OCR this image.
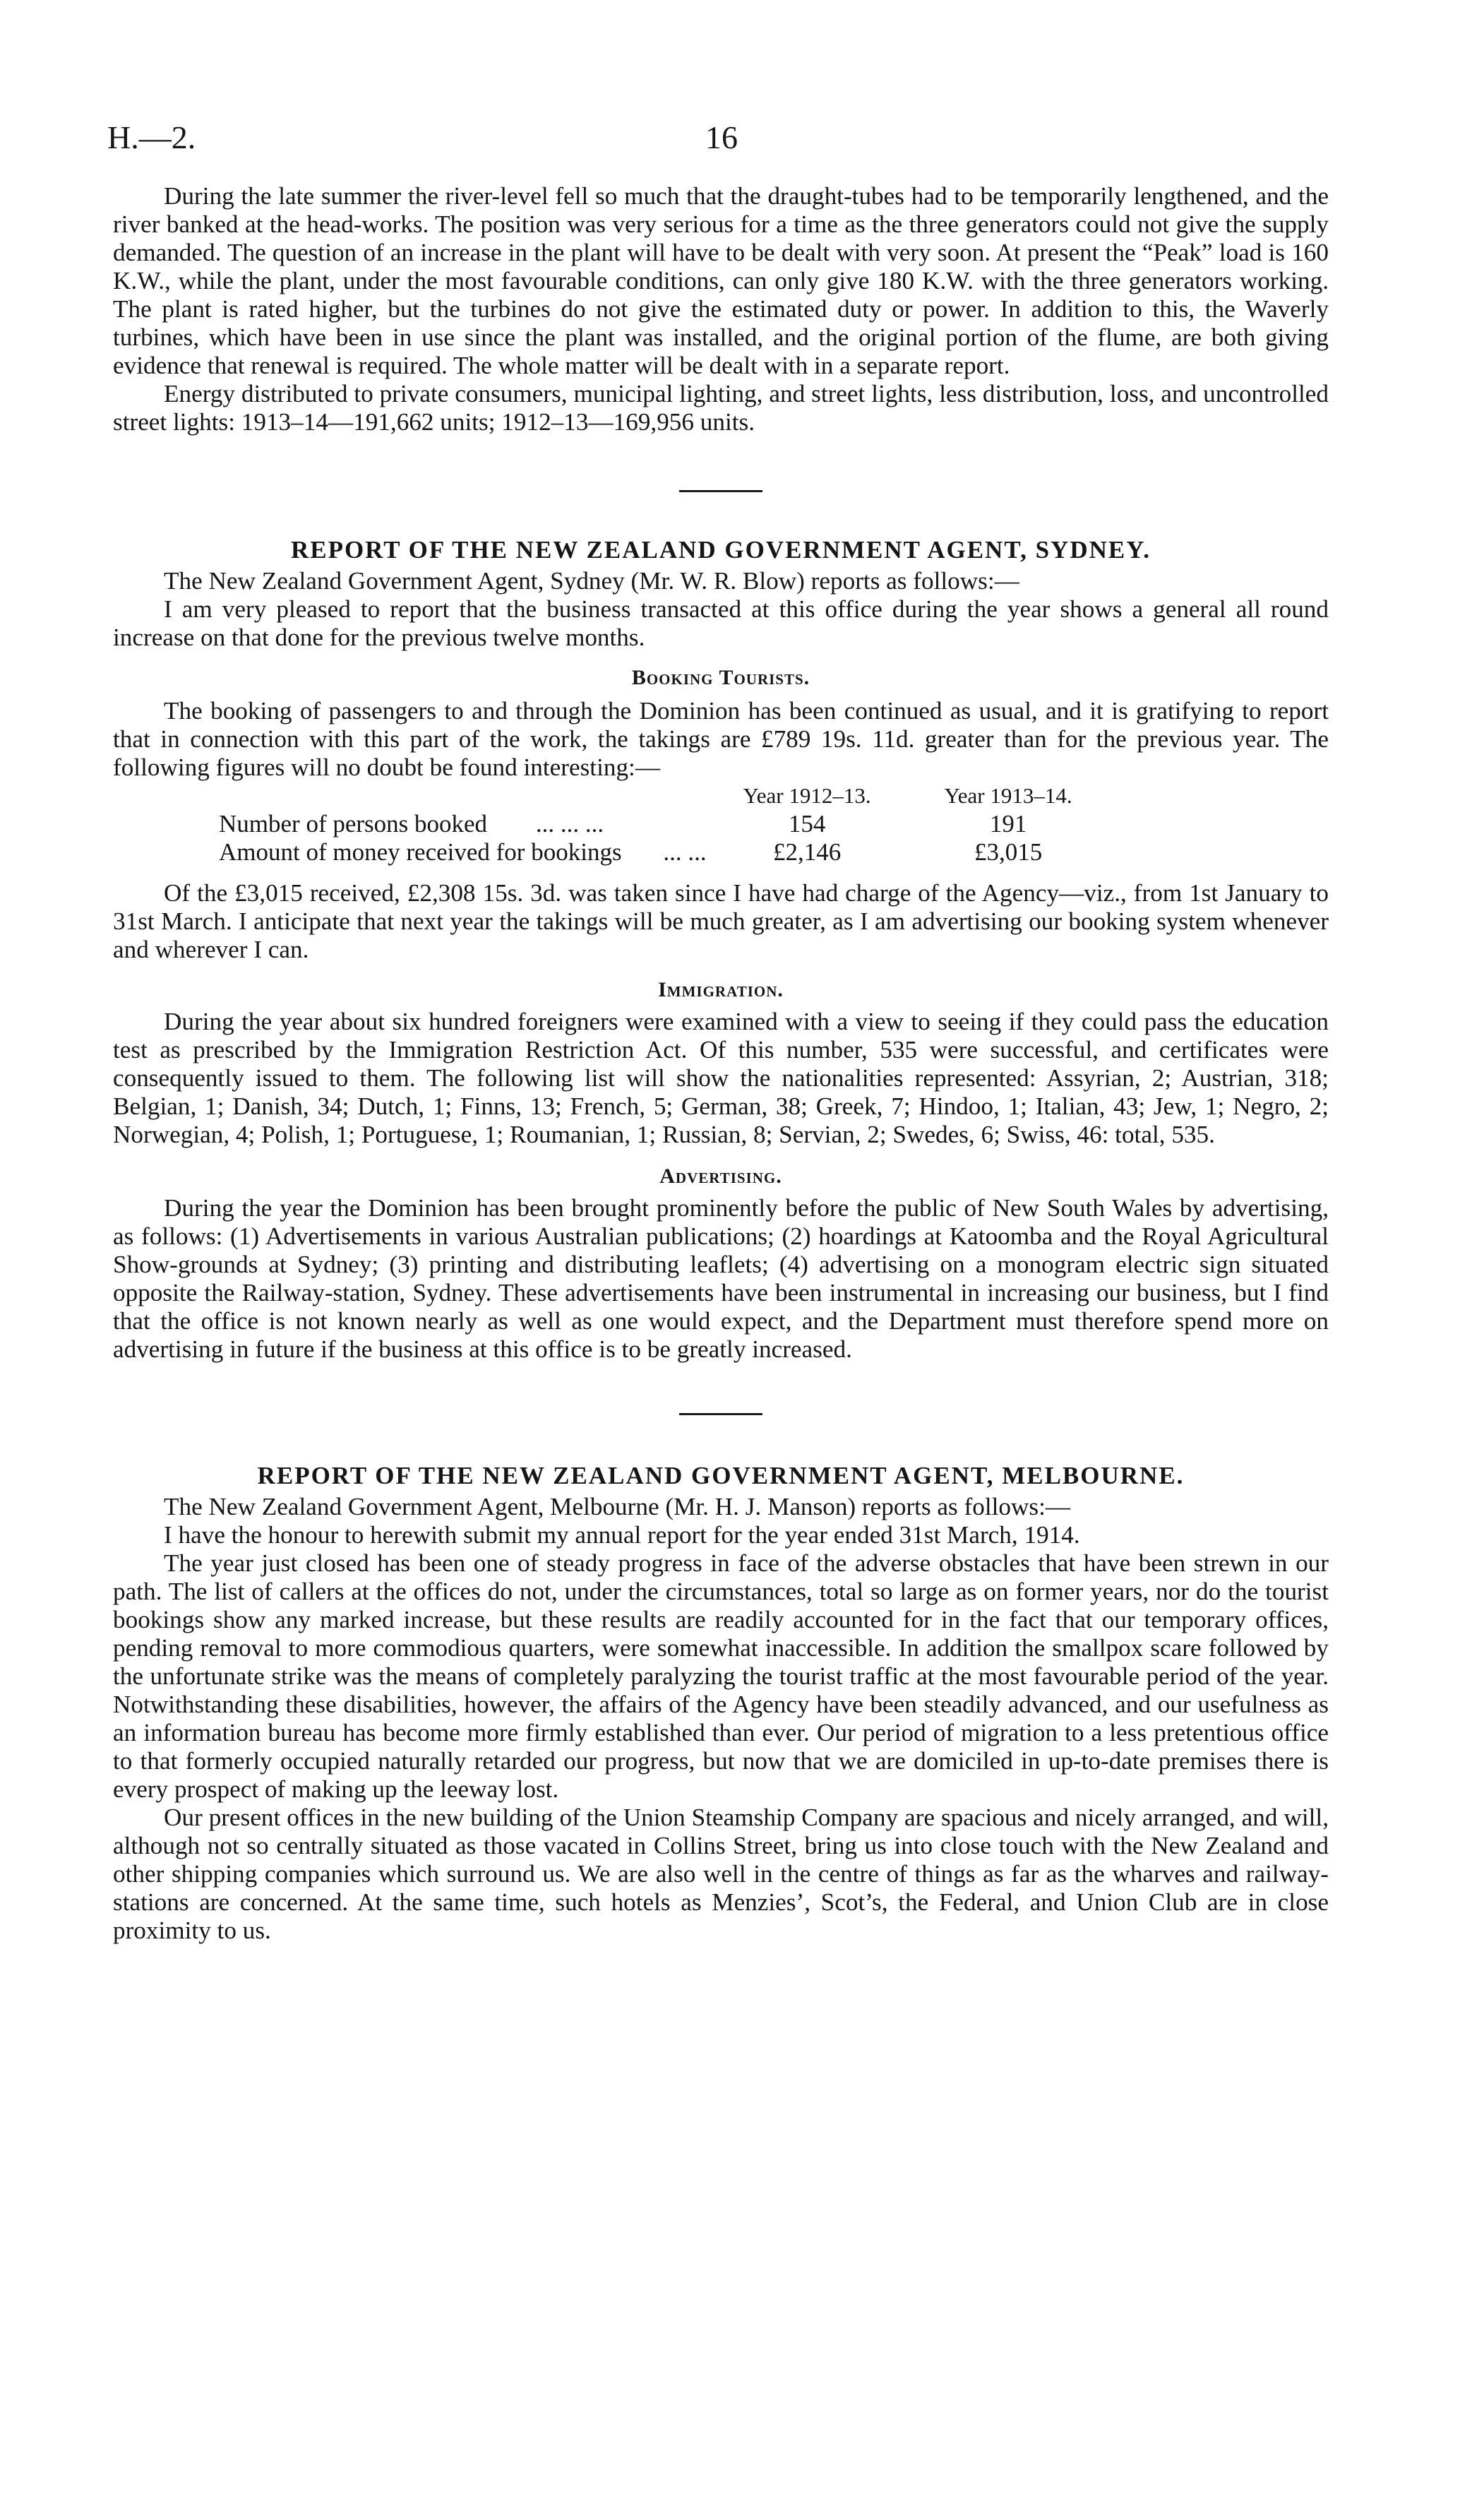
H.—2.	16

During the late summer the river-level fell so much that the draught-tubes had to be temporarily lengthened, and the river banked at the head-works. The position was very serious for a time as the three generators could not give the supply demanded. The question of an increase in the plant will have to be dealt with very soon. At present the “Peak” load is 160 K.W., while the plant, under the most favourable conditions, can only give 180 K.W. with the three generators working. The plant is rated higher, but the turbines do not give the estimated duty or power. In addition to this, the Waverly turbines, which have been in use since the plant was installed, and the original portion of the flume, are both giving evidence that renewal is required. The whole matter will be dealt with in a separate report.

Energy distributed to private consumers, municipal lighting, and street lights, less distribution, loss, and uncontrolled street lights: 1913–14—191,662 units; 1912–13—169,956 units.

REPORT OF THE NEW ZEALAND GOVERNMENT AGENT, SYDNEY.

The New Zealand Government Agent, Sydney (Mr. W. R. Blow) reports as follows:—

I am very pleased to report that the business transacted at this office during the year shows a general all round increase on that done for the previous twelve months.

Booking Tourists.

The booking of passengers to and through the Dominion has been continued as usual, and it is gratifying to report that in connection with this part of the work, the takings are £789 19s. 11d. greater than for the previous year. The following figures will no doubt be found interesting:—

	Year 1912–13.	Year 1913–14.
Number of persons booked ... ... ...	154	191
Amount of money received for bookings ... ...	£2,146	£3,015

Of the £3,015 received, £2,308 15s. 3d. was taken since I have had charge of the Agency—viz., from 1st January to 31st March. I anticipate that next year the takings will be much greater, as I am advertising our booking system whenever and wherever I can.

Immigration.

During the year about six hundred foreigners were examined with a view to seeing if they could pass the education test as prescribed by the Immigration Restriction Act. Of this number, 535 were successful, and certificates were consequently issued to them. The following list will show the nationalities represented: Assyrian, 2; Austrian, 318; Belgian, 1; Danish, 34; Dutch, 1; Finns, 13; French, 5; German, 38; Greek, 7; Hindoo, 1; Italian, 43; Jew, 1; Negro, 2; Norwegian, 4; Polish, 1; Portuguese, 1; Roumanian, 1; Russian, 8; Servian, 2; Swedes, 6; Swiss, 46: total, 535.

Advertising.

During the year the Dominion has been brought prominently before the public of New South Wales by advertising, as follows: (1) Advertisements in various Australian publications; (2) hoardings at Katoomba and the Royal Agricultural Show-grounds at Sydney; (3) printing and distributing leaflets; (4) advertising on a monogram electric sign situated opposite the Railway-station, Sydney. These advertisements have been instrumental in increasing our business, but I find that the office is not known nearly as well as one would expect, and the Department must therefore spend more on advertising in future if the business at this office is to be greatly increased.

REPORT OF THE NEW ZEALAND GOVERNMENT AGENT, MELBOURNE.

The New Zealand Government Agent, Melbourne (Mr. H. J. Manson) reports as follows:—

I have the honour to herewith submit my annual report for the year ended 31st March, 1914.

The year just closed has been one of steady progress in face of the adverse obstacles that have been strewn in our path. The list of callers at the offices do not, under the circumstances, total so large as on former years, nor do the tourist bookings show any marked increase, but these results are readily accounted for in the fact that our temporary offices, pending removal to more commodious quarters, were somewhat inaccessible. In addition the smallpox scare followed by the unfortunate strike was the means of completely paralyzing the tourist traffic at the most favourable period of the year. Notwithstanding these disabilities, however, the affairs of the Agency have been steadily advanced, and our usefulness as an information bureau has become more firmly established than ever. Our period of migration to a less pretentious office to that formerly occupied naturally retarded our progress, but now that we are domiciled in up-to-date premises there is every prospect of making up the leeway lost.

Our present offices in the new building of the Union Steamship Company are spacious and nicely arranged, and will, although not so centrally situated as those vacated in Collins Street, bring us into close touch with the New Zealand and other shipping companies which surround us. We are also well in the centre of things as far as the wharves and railway-stations are concerned. At the same time, such hotels as Menzies’, Scot’s, the Federal, and Union Club are in close proximity to us.
